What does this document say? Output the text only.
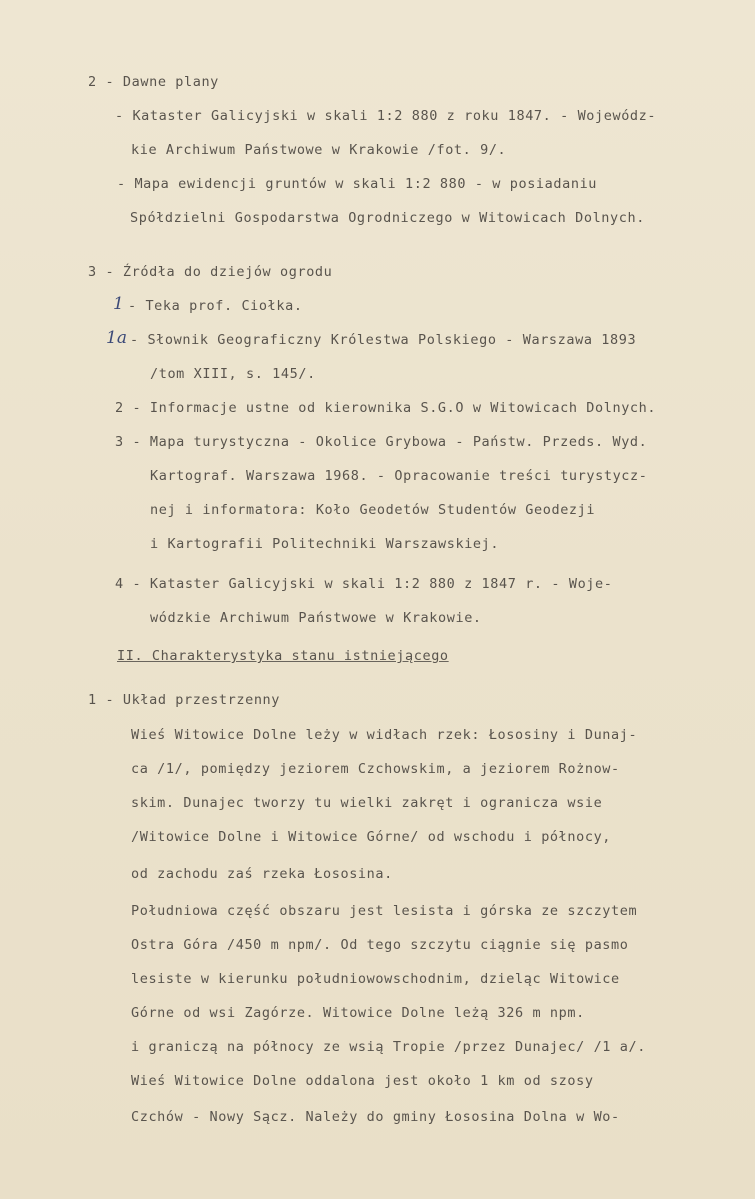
2 - Dawne plany
- Kataster Galicyjski w skali 1:2 880 z roku 1847. - Wojewódz-
kie Archiwum Państwowe w Krakowie /fot. 9/.
- Mapa ewidencji gruntów w skali 1:2 880 - w posiadaniu
Spółdzielni Gospodarstwa Ogrodniczego w Witowicach Dolnych.
3 - Źródła do dziejów ogrodu
1 - Teka prof. Ciołka.
1a - Słownik Geograficzny Królestwa Polskiego - Warszawa 1893
/tom XIII, s. 145/.
2 - Informacje ustne od kierownika S.G.O w Witowicach Dolnych.
3 - Mapa turystyczna - Okolice Grybowa - Państw. Przeds. Wyd.
Kartograf. Warszawa 1968. - Opracowanie treści turystycz-
nej i informatora: Koło Geodetów Studentów Geodezji
i Kartografii Politechniki Warszawskiej.
4 - Kataster Galicyjski w skali 1:2 880 z 1847 r. - Woje-
wódzkie Archiwum Państwowe w Krakowie.
II. Charakterystyka stanu istniejącego
1 - Układ przestrzenny
Wieś Witowice Dolne leży w widłach rzek: Łososiny i Dunaj-
ca /1/, pomiędzy jeziorem Czchowskim, a jeziorem Rożnow-
skim. Dunajec tworzy tu wielki zakręt i ogranicza wsie
/Witowice Dolne i Witowice Górne/ od wschodu i północy,
od zachodu zaś rzeka Łososina.
Południowa część obszaru jest lesista i górska ze szczytem
Ostra Góra /450 m npm/. Od tego szczytu ciągnie się pasmo
lesiste w kierunku południowowschodnim, dzieląc Witowice
Górne od wsi Zagórze. Witowice Dolne leżą 326 m npm.
i graniczą na północy ze wsią Tropie /przez Dunajec/ /1 a/.
Wieś Witowice Dolne oddalona jest około 1 km od szosy
Czchów - Nowy Sącz. Należy do gminy Łososina Dolna w Wo-
